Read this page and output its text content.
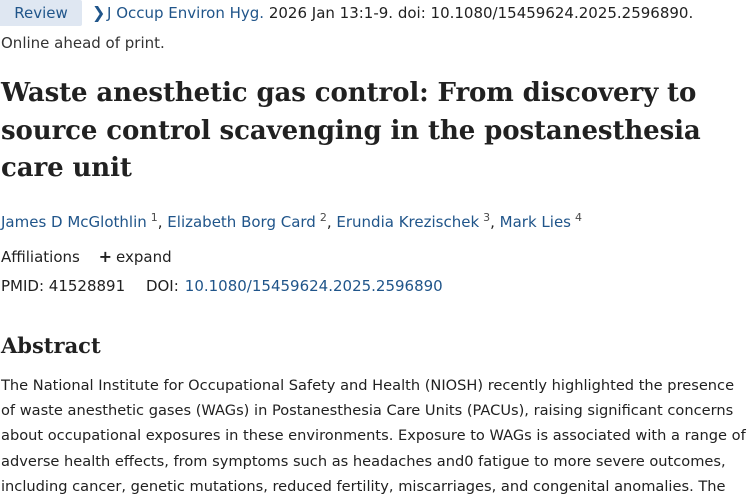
Review	❯ J Occup Environ Hyg. 2026 Jan 13:1-9. doi: 10.1080/15459624.2025.2596890.
Online ahead of print.
Waste anesthetic gas control: From discovery to source control scavenging in the postanesthesia care unit
James D McGlothlin $^1$, Elizabeth Borg Card $^2$, Erundia Krezischek $^3$, Mark Lies $^4$
Affiliations + expand
PMID: 41528891 DOI: 10.1080/15459624.2025.2596890
Abstract
The National Institute for Occupational Safety and Health (NIOSH) recently highlighted the presence
of waste anesthetic gases (WAGs) in Postanesthesia Care Units (PACUs), raising significant concerns
about occupational exposures in these environments. Exposure to WAGs is associated with a range of
adverse health effects, from symptoms such as headaches and0 fatigue to more severe outcomes,
including cancer, genetic mutations, reduced fertility, miscarriages, and congenital anomalies. The
